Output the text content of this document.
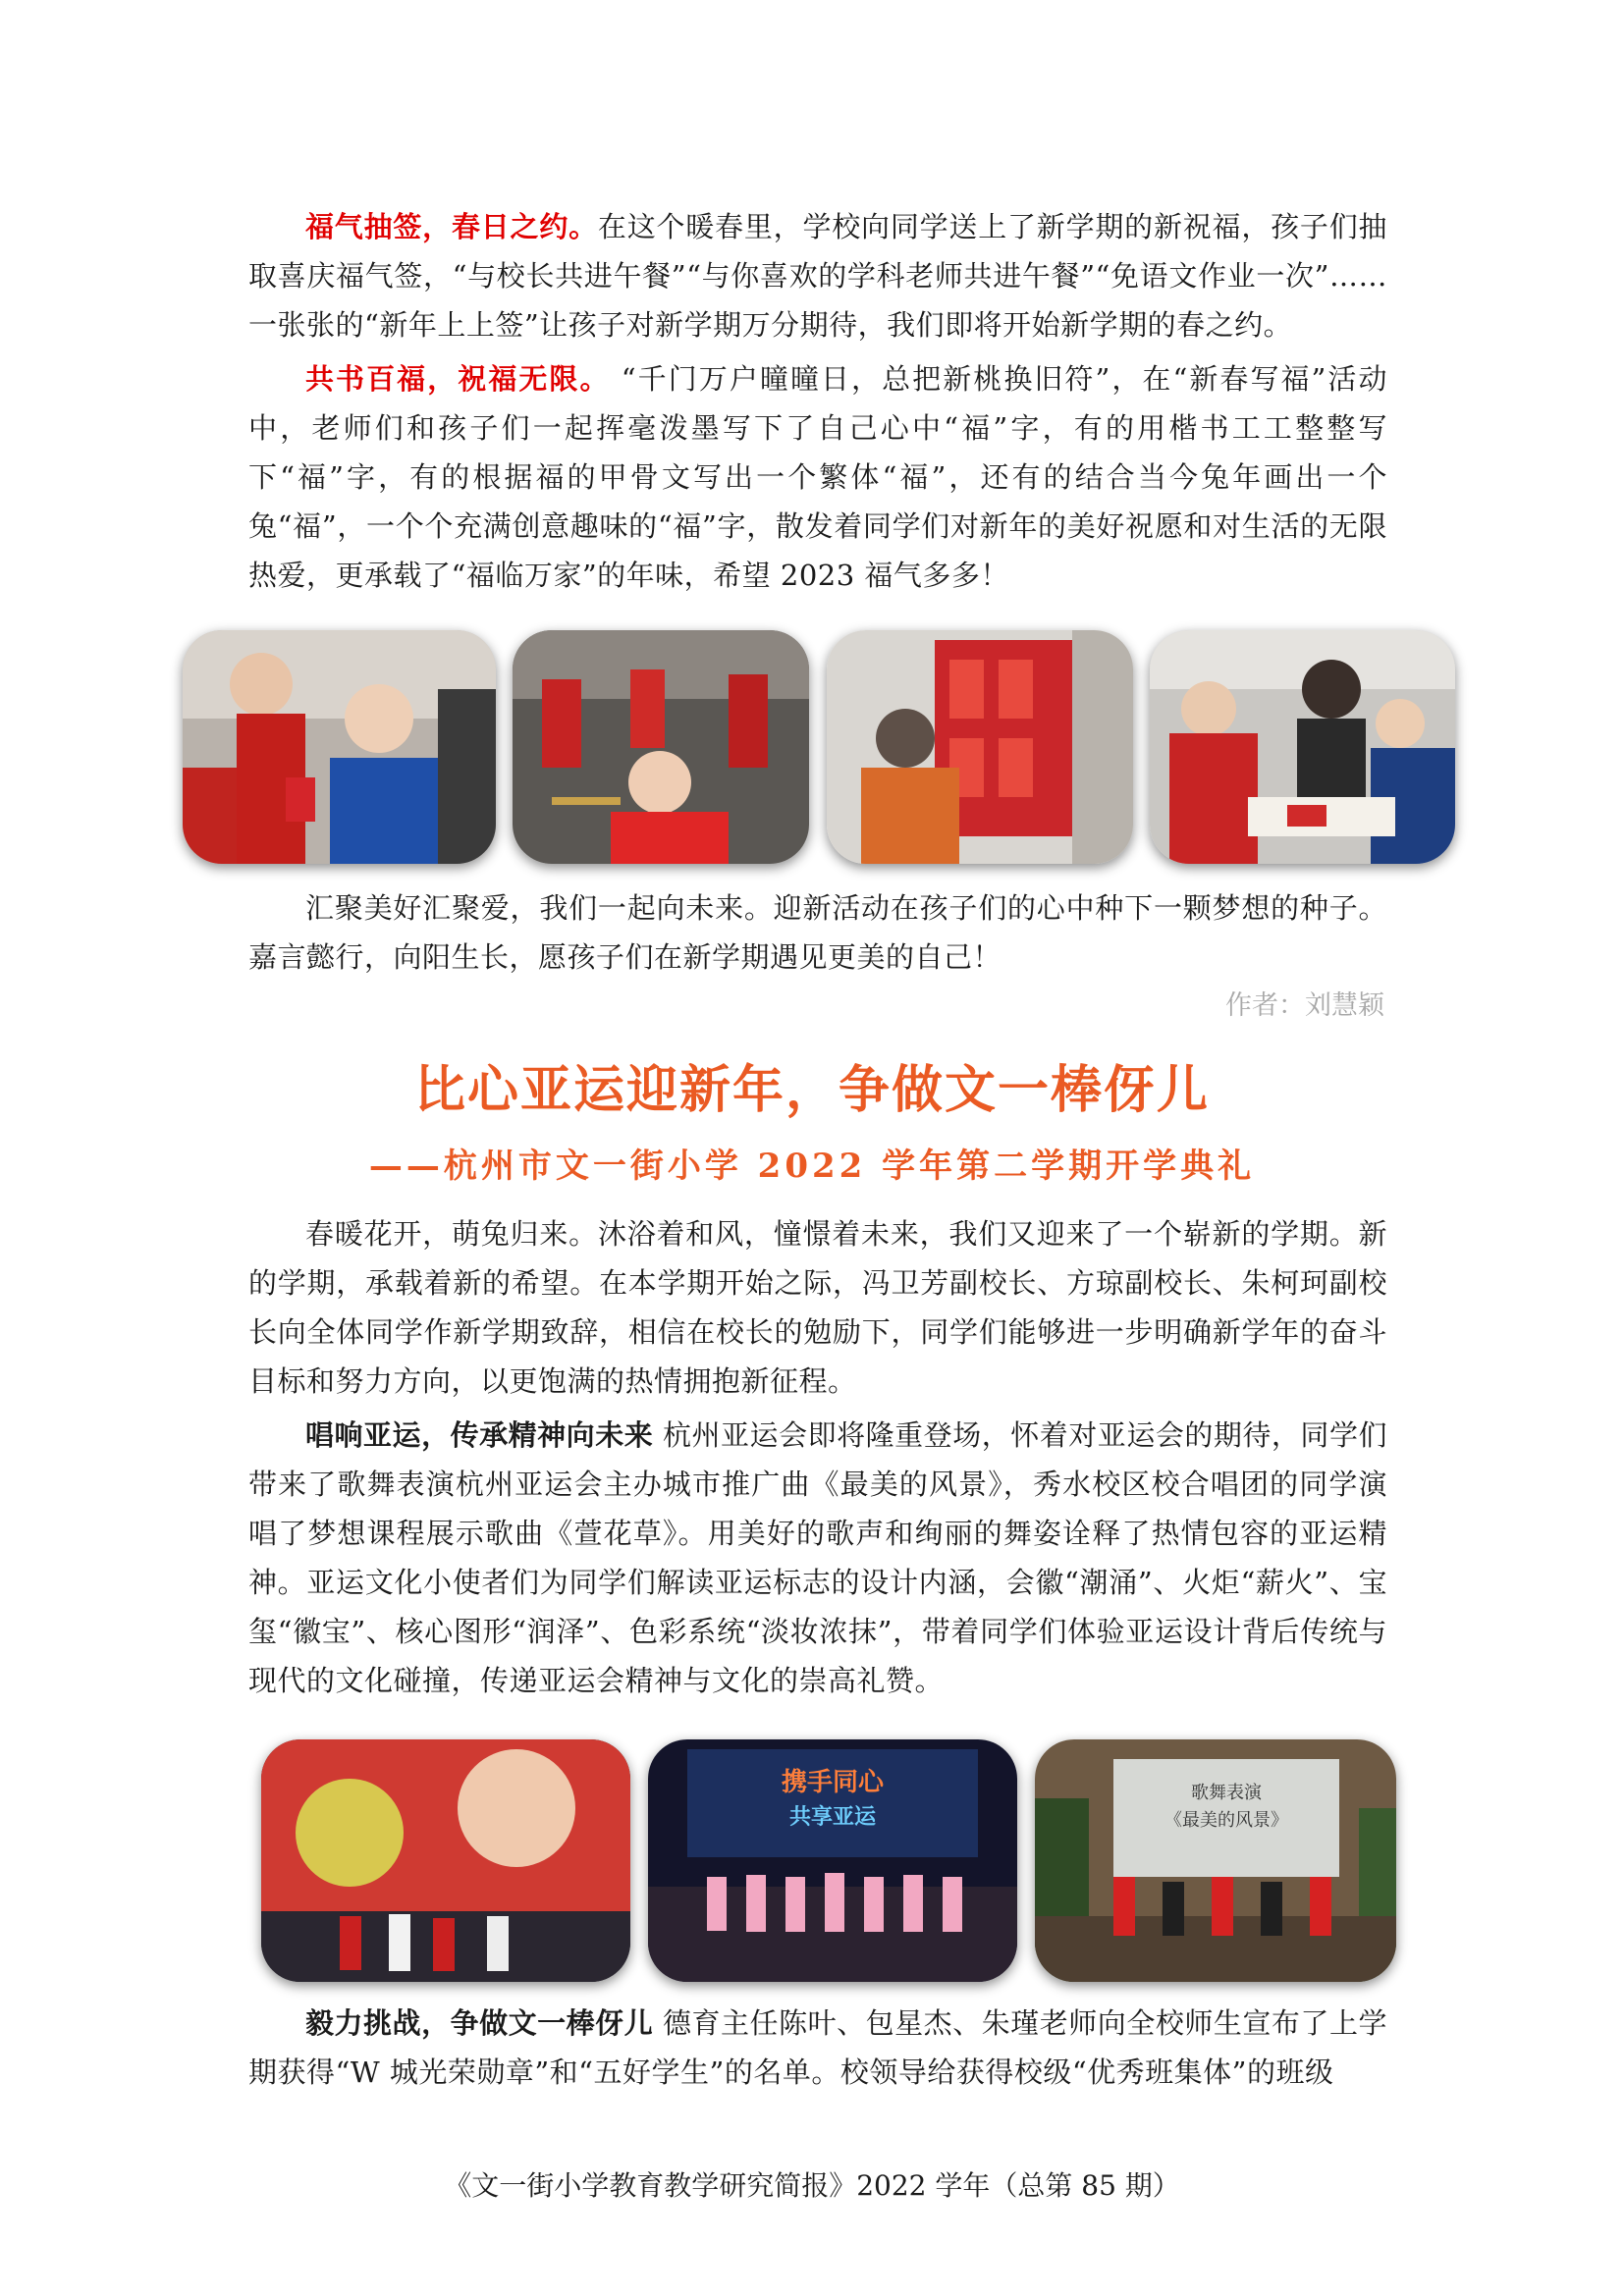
福气抽签，春日之约。在这个暖春里，学校向同学送上了新学期的新祝福，孩子们抽取喜庆福气签，“与校长共进午餐”“与你喜欢的学科老师共进午餐”“免语文作业一次”……一张张的“新年上上签”让孩子对新学期万分期待，我们即将开始新学期的春之约。

共书百福，祝福无限。 “千门万户曈曈日，总把新桃换旧符”，在“新春写福”活动中，老师们和孩子们一起挥毫泼墨写下了自己心中“福”字，有的用楷书工工整整写下“福”字，有的根据福的甲骨文写出一个繁体“福”，还有的结合当今兔年画出一个兔“福”，一个个充满创意趣味的“福”字，散发着同学们对新年的美好祝愿和对生活的无限热爱，更承载了“福临万家”的年味，希望 2023 福气多多！

汇聚美好汇聚爱，我们一起向未来。迎新活动在孩子们的心中种下一颗梦想的种子。嘉言懿行，向阳生长，愿孩子们在新学期遇见更美的自己！

作者：刘慧颖

比心亚运迎新年，争做文一棒伢儿
——杭州市文一街小学 2022 学年第二学期开学典礼

春暖花开，萌兔归来。沐浴着和风，憧憬着未来，我们又迎来了一个崭新的学期。新的学期，承载着新的希望。在本学期开始之际，冯卫芳副校长、方琼副校长、朱柯珂副校长向全体同学作新学期致辞，相信在校长的勉励下，同学们能够进一步明确新学年的奋斗目标和努力方向，以更饱满的热情拥抱新征程。

唱响亚运，传承精神向未来 杭州亚运会即将隆重登场，怀着对亚运会的期待，同学们带来了歌舞表演杭州亚运会主办城市推广曲《最美的风景》，秀水校区校合唱团的同学演唱了梦想课程展示歌曲《萱花草》。用美好的歌声和绚丽的舞姿诠释了热情包容的亚运精神。亚运文化小使者们为同学们解读亚运标志的设计内涵，会徽“潮涌”、火炬“薪火”、宝玺“徽宝”、核心图形“润泽”、色彩系统“淡妆浓抹”，带着同学们体验亚运设计背后传统与现代的文化碰撞，传递亚运会精神与文化的崇高礼赞。

携手同心
共享亚运
歌舞表演
《最美的风景》

毅力挑战，争做文一棒伢儿 德育主任陈叶、包星杰、朱瑾老师向全校师生宣布了上学期获得“W 城光荣勋章”和“五好学生”的名单。校领导给获得校级“优秀班集体”的班级

《文一街小学教育教学研究简报》2022 学年（总第 85 期）
